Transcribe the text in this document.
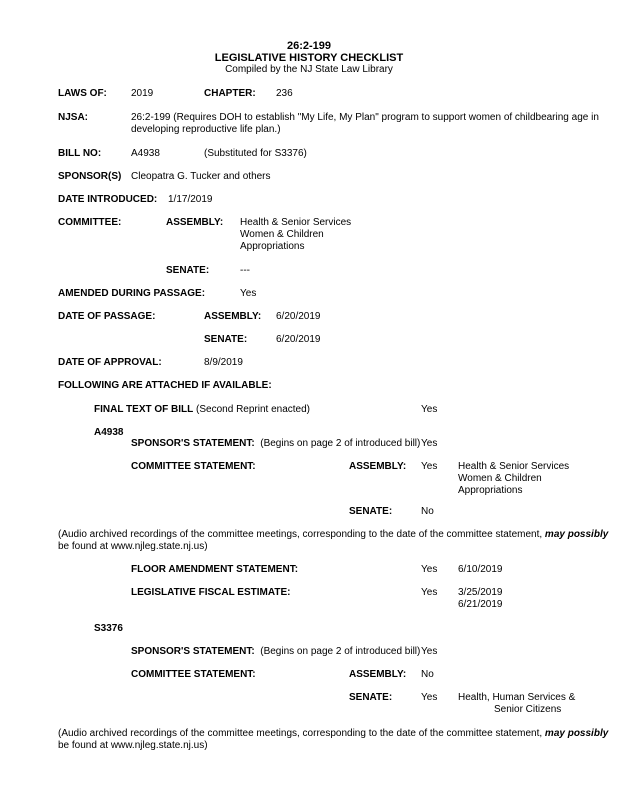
26:2-199
LEGISLATIVE HISTORY CHECKLIST
Compiled by the NJ State Law Library
LAWS OF: 2019	CHAPTER: 236
NJSA:	26:2-199 (Requires DOH to establish "My Life, My Plan" program to support women of childbearing age in
developing reproductive life plan.)
BILL NO:	A4938	(Substituted for S3376)
SPONSOR(S) Cleopatra G. Tucker and others
DATE INTRODUCED: 1/17/2019
COMMITTEE:	ASSEMBLY: Health & Senior Services
Women & Children
Appropriations
SENATE:	---
AMENDED DURING PASSAGE:	Yes
DATE OF PASSAGE:	ASSEMBLY: 6/20/2019
SENATE:	6/20/2019
DATE OF APPROVAL:	8/9/2019
FOLLOWING ARE ATTACHED IF AVAILABLE:
FINAL TEXT OF BILL (Second Reprint enacted)	Yes
A4938
SPONSOR'S STATEMENT: (Begins on page 2 of introduced bill) Yes
COMMITTEE STATEMENT:	ASSEMBLY: Yes Health & Senior Services
Women & Children
Appropriations
SENATE:	No
(Audio archived recordings of the committee meetings, corresponding to the date of the committee statement, may possibly
be found at www.njleg.state.nj.us)
FLOOR AMENDMENT STATEMENT:	Yes 6/10/2019
LEGISLATIVE FISCAL ESTIMATE:	Yes 3/25/2019
6/21/2019
S3376
SPONSOR'S STATEMENT: (Begins on page 2 of introduced bill) Yes
COMMITTEE STATEMENT:	ASSEMBLY: No
SENATE:	Yes Health, Human Services &
Senior Citizens
(Audio archived recordings of the committee meetings, corresponding to the date of the committee statement, may possibly
be found at www.njleg.state.nj.us)
